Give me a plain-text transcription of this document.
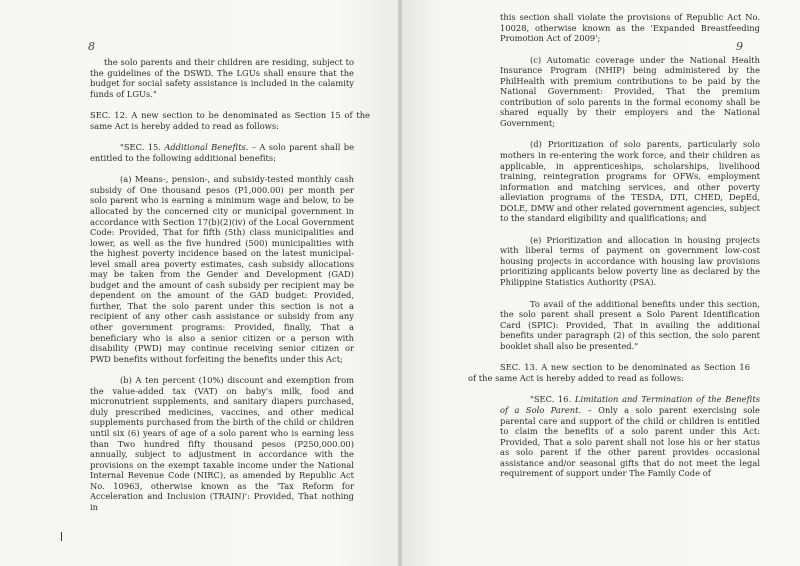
8	9

the solo parents and their children are residing, subject to the guidelines of the DSWD. The LGUs shall ensure that the budget for social safety assistance is included in the calamity funds of LGUs."

SEC. 12. A new section to be denominated as Section 15 of the same Act is hereby added to read as follows:

"SEC. 15. Additional Benefits. – A solo parent shall be entitled to the following additional benefits:

(a) Means-, pension-, and subsidy-tested monthly cash subsidy of One thousand pesos (P1,000.00) per month per solo parent who is earning a minimum wage and below, to be allocated by the concerned city or municipal government in accordance with Section 17(b)(2)(iv) of the Local Government Code: Provided, That for fifth (5th) class municipalities and lower, as well as the five hundred (500) municipalities with the highest poverty incidence based on the latest municipal-level small area poverty estimates, cash subsidy allocations may be taken from the Gender and Development (GAD) budget and the amount of cash subsidy per recipient may be dependent on the amount of the GAD budget: Provided, further, That the solo parent under this section is not a recipient of any other cash assistance or subsidy from any other government programs: Provided, finally, That a beneficiary who is also a senior citizen or a person with disability (PWD) may continue receiving senior citizen or PWD benefits without forfeiting the benefits under this Act;

(b) A ten percent (10%) discount and exemption from the value-added tax (VAT) on baby's milk, food and micronutrient supplements, and sanitary diapers purchased, duly prescribed medicines, vaccines, and other medical supplements purchased from the birth of the child or children until six (6) years of age of a solo parent who is earning less than Two hundred fifty thousand pesos (P250,000.00) annually, subject to adjustment in accordance with the provisions on the exempt taxable income under the National Internal Revenue Code (NIRC), as amended by Republic Act No. 10963, otherwise known as the 'Tax Reform for Acceleration and Inclusion (TRAIN)': Provided, That nothing in

this section shall violate the provisions of Republic Act No. 10028, otherwise known as the 'Expanded Breastfeeding Promotion Act of 2009';

(c) Automatic coverage under the National Health Insurance Program (NHIP) being administered by the PhilHealth with premium contributions to be paid by the National Government: Provided, That the premium contribution of solo parents in the formal economy shall be shared equally by their employers and the National Government;

(d) Prioritization of solo parents, particularly solo mothers in re-entering the work force, and their children as applicable, in apprenticeships, scholarships, livelihood training, reintegration programs for OFWs, employment information and matching services, and other poverty alleviation programs of the TESDA, DTI, CHED, DepEd, DOLE, DMW and other related government agencies, subject to the standard eligibility and qualifications; and

(e) Prioritization and allocation in housing projects with liberal terms of payment on government low-cost housing projects in accordance with housing law provisions prioritizing applicants below poverty line as declared by the Philippine Statistics Authority (PSA).

To avail of the additional benefits under this section, the solo parent shall present a Solo Parent Identification Card (SPIC): Provided, That in availing the additional benefits under paragraph (2) of this section, the solo parent booklet shall also be presented."

SEC. 13. A new section to be denominated as Section 16 of the same Act is hereby added to read as follows:

"SEC. 16. Limitation and Termination of the Benefits of a Solo Parent. – Only a solo parent exercising sole parental care and support of the child or children is entitled to claim the benefits of a solo parent under this Act: Provided, That a solo parent shall not lose his or her status as solo parent if the other parent provides occasional assistance and/or seasonal gifts that do not meet the legal requirement of support under The Family Code of
